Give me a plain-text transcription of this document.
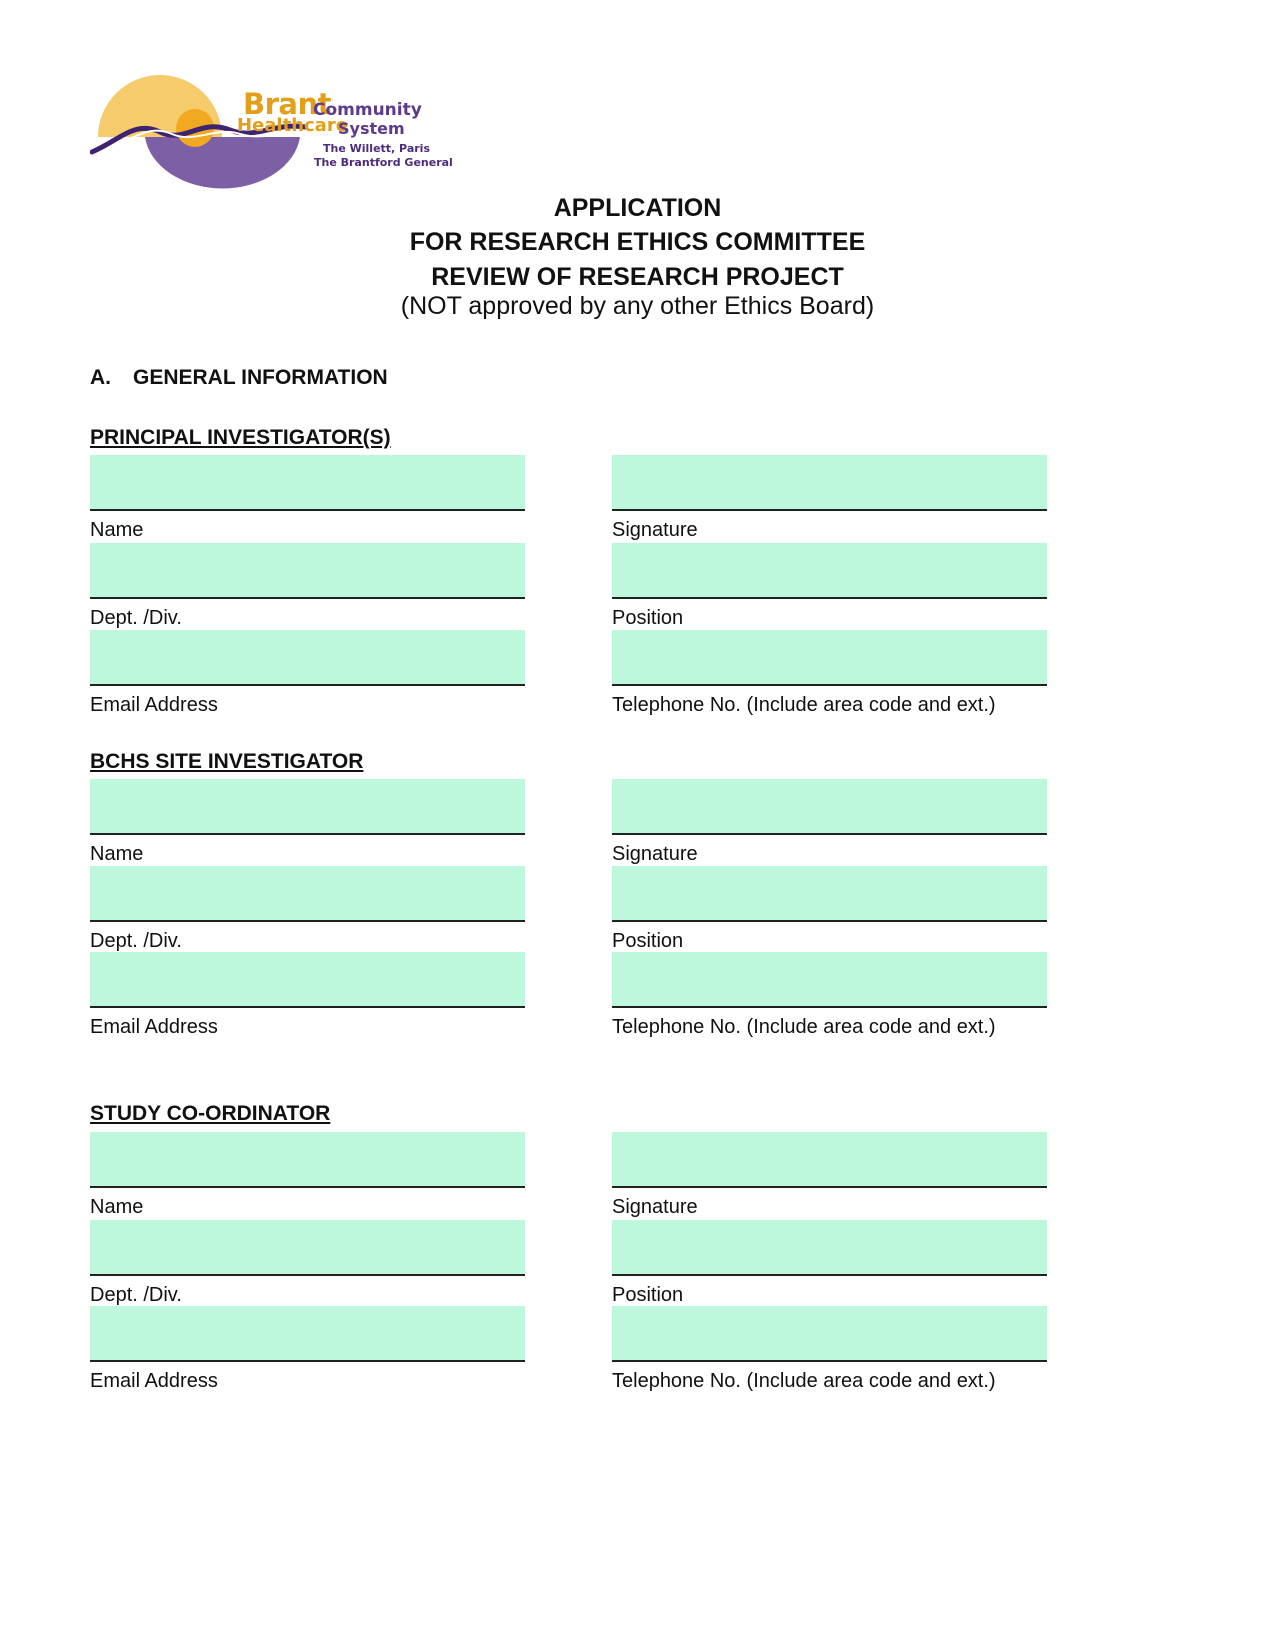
Brant
Community
Healthcare
System
The Willett, Paris
The Brantford General
APPLICATION
FOR RESEARCH ETHICS COMMITTEE
REVIEW OF RESEARCH PROJECT
(NOT approved by any other Ethics Board)
A. GENERAL INFORMATION
PRINCIPAL INVESTIGATOR(S)
Name	Signature
Dept. /Div.	Position
Email Address	Telephone No. (Include area code and ext.)
BCHS SITE INVESTIGATOR
Name	Signature
Dept. /Div.	Position
Email Address	Telephone No. (Include area code and ext.)
STUDY CO-ORDINATOR
Name	Signature
Dept. /Div.	Position
Email Address	Telephone No. (Include area code and ext.)
